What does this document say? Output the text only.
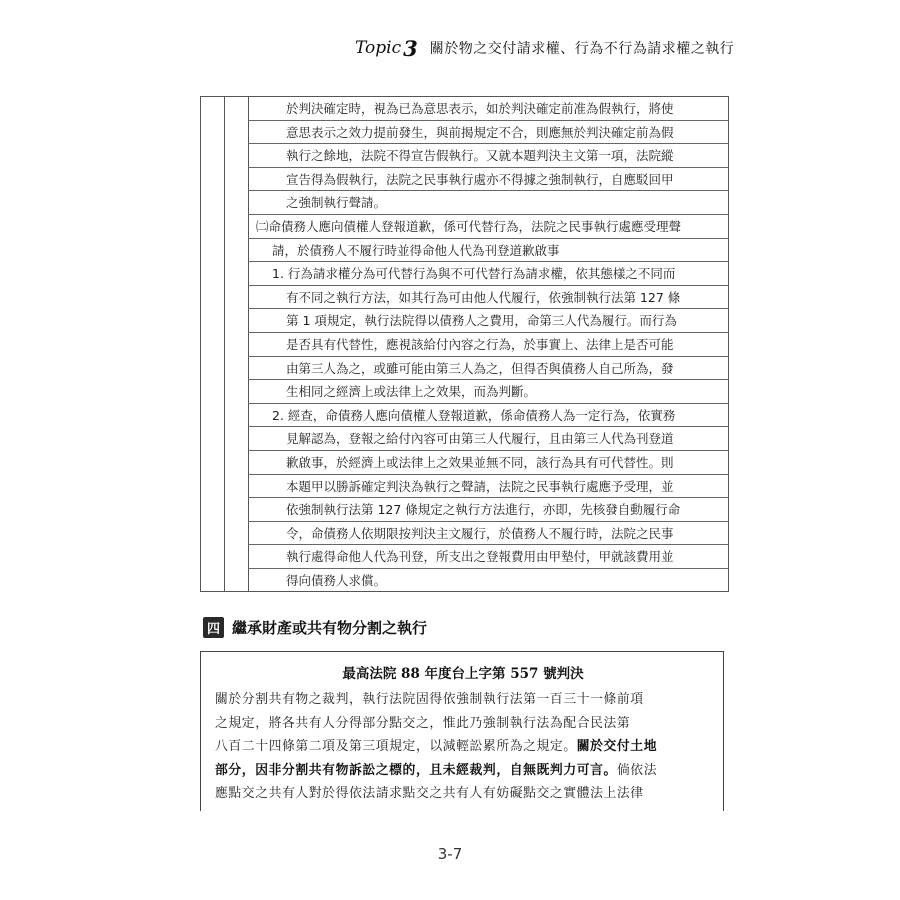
Topic 3 關於物之交付請求權、行為不行為請求權之執行
於判決確定時，視為已為意思表示，如於判決確定前准為假執行，將使
意思表示之效力提前發生，與前揭規定不合，則應無於判決確定前為假
執行之餘地，法院不得宣告假執行。又就本題判決主文第一項，法院縱
宣告得為假執行，法院之民事執行處亦不得據之強制執行，自應駁回甲
之強制執行聲請。
㈡命債務人應向債權人登報道歉，係可代替行為，法院之民事執行處應受理聲
請，於債務人不履行時並得命他人代為刊登道歉啟事
1. 行為請求權分為可代替行為與不可代替行為請求權，依其態樣之不同而
有不同之執行方法，如其行為可由他人代履行，依強制執行法第 127 條
第 1 項規定，執行法院得以債務人之費用，命第三人代為履行。而行為
是否具有代替性，應視該給付內容之行為，於事實上、法律上是否可能
由第三人為之，或雖可能由第三人為之，但得否與債務人自己所為，發
生相同之經濟上或法律上之效果，而為判斷。
2. 經查，命債務人應向債權人登報道歉，係命債務人為一定行為，依實務
見解認為，登報之給付內容可由第三人代履行，且由第三人代為刊登道
歉啟事，於經濟上或法律上之效果並無不同，該行為具有可代替性。則
本題甲以勝訴確定判決為執行之聲請，法院之民事執行處應予受理，並
依強制執行法第 127 條規定之執行方法進行，亦即，先核發自動履行命
令，命債務人依期限按判決主文履行，於債務人不履行時，法院之民事
執行處得命他人代為刊登，所支出之登報費用由甲墊付，甲就該費用並
得向債務人求償。
四 繼承財產或共有物分割之執行
最高法院 88 年度台上字第 557 號判決
關於分割共有物之裁判，執行法院固得依強制執行法第一百三十一條前項
之規定，將各共有人分得部分點交之，惟此乃強制執行法為配合民法第
八百二十四條第二項及第三項規定，以減輕訟累所為之規定。關於交付土地
部分，因非分割共有物訴訟之標的，且未經裁判，自無既判力可言。倘依法
應點交之共有人對於得依法請求點交之共有人有妨礙點交之實體法上法律
3-7
